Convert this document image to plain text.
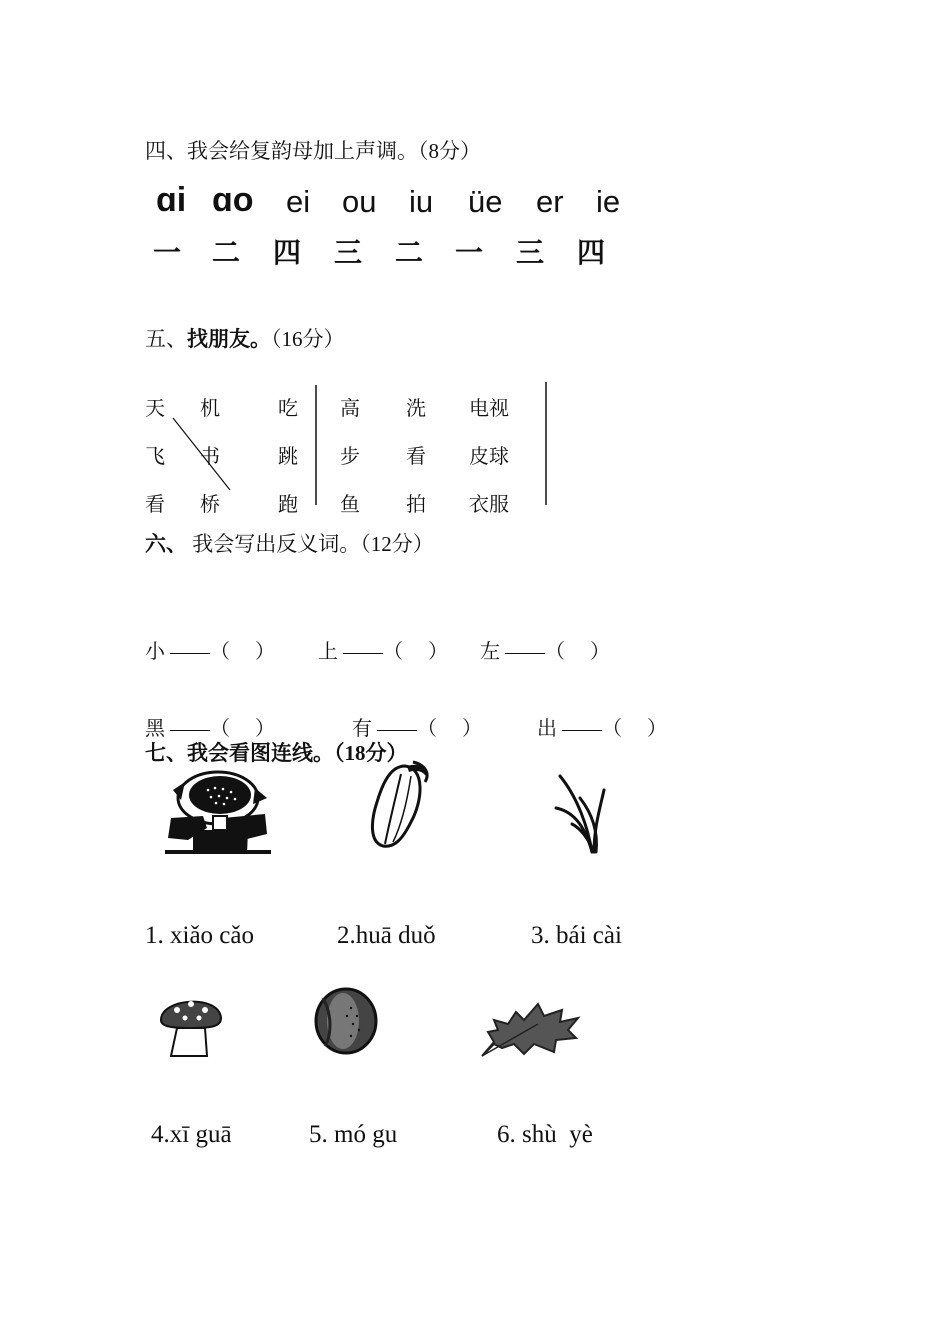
四、我会给复韵母加上声调。（8分）
ɑi ɑo ei ou iu üe er ie
一 二 四 三 二 一 三 四
五、找朋友。（16分）
天 机	吃 高 洗 电视
飞 书	跳 步 看 皮球
看 桥	跑 鱼 拍 衣服
六、 我会写出反义词。（12分）
小 ——（　 ） 上 ——（　 ） 左 ——（　 ）
黑 ——（　 ）	有 ——（　 ）	出 ——（　 ）
七、我会看图连线。（18分）
1. xiǎo cǎo	2.huā duǒ	3. bái cài
4.xī guā	5. mó gu	6. shù  yè
